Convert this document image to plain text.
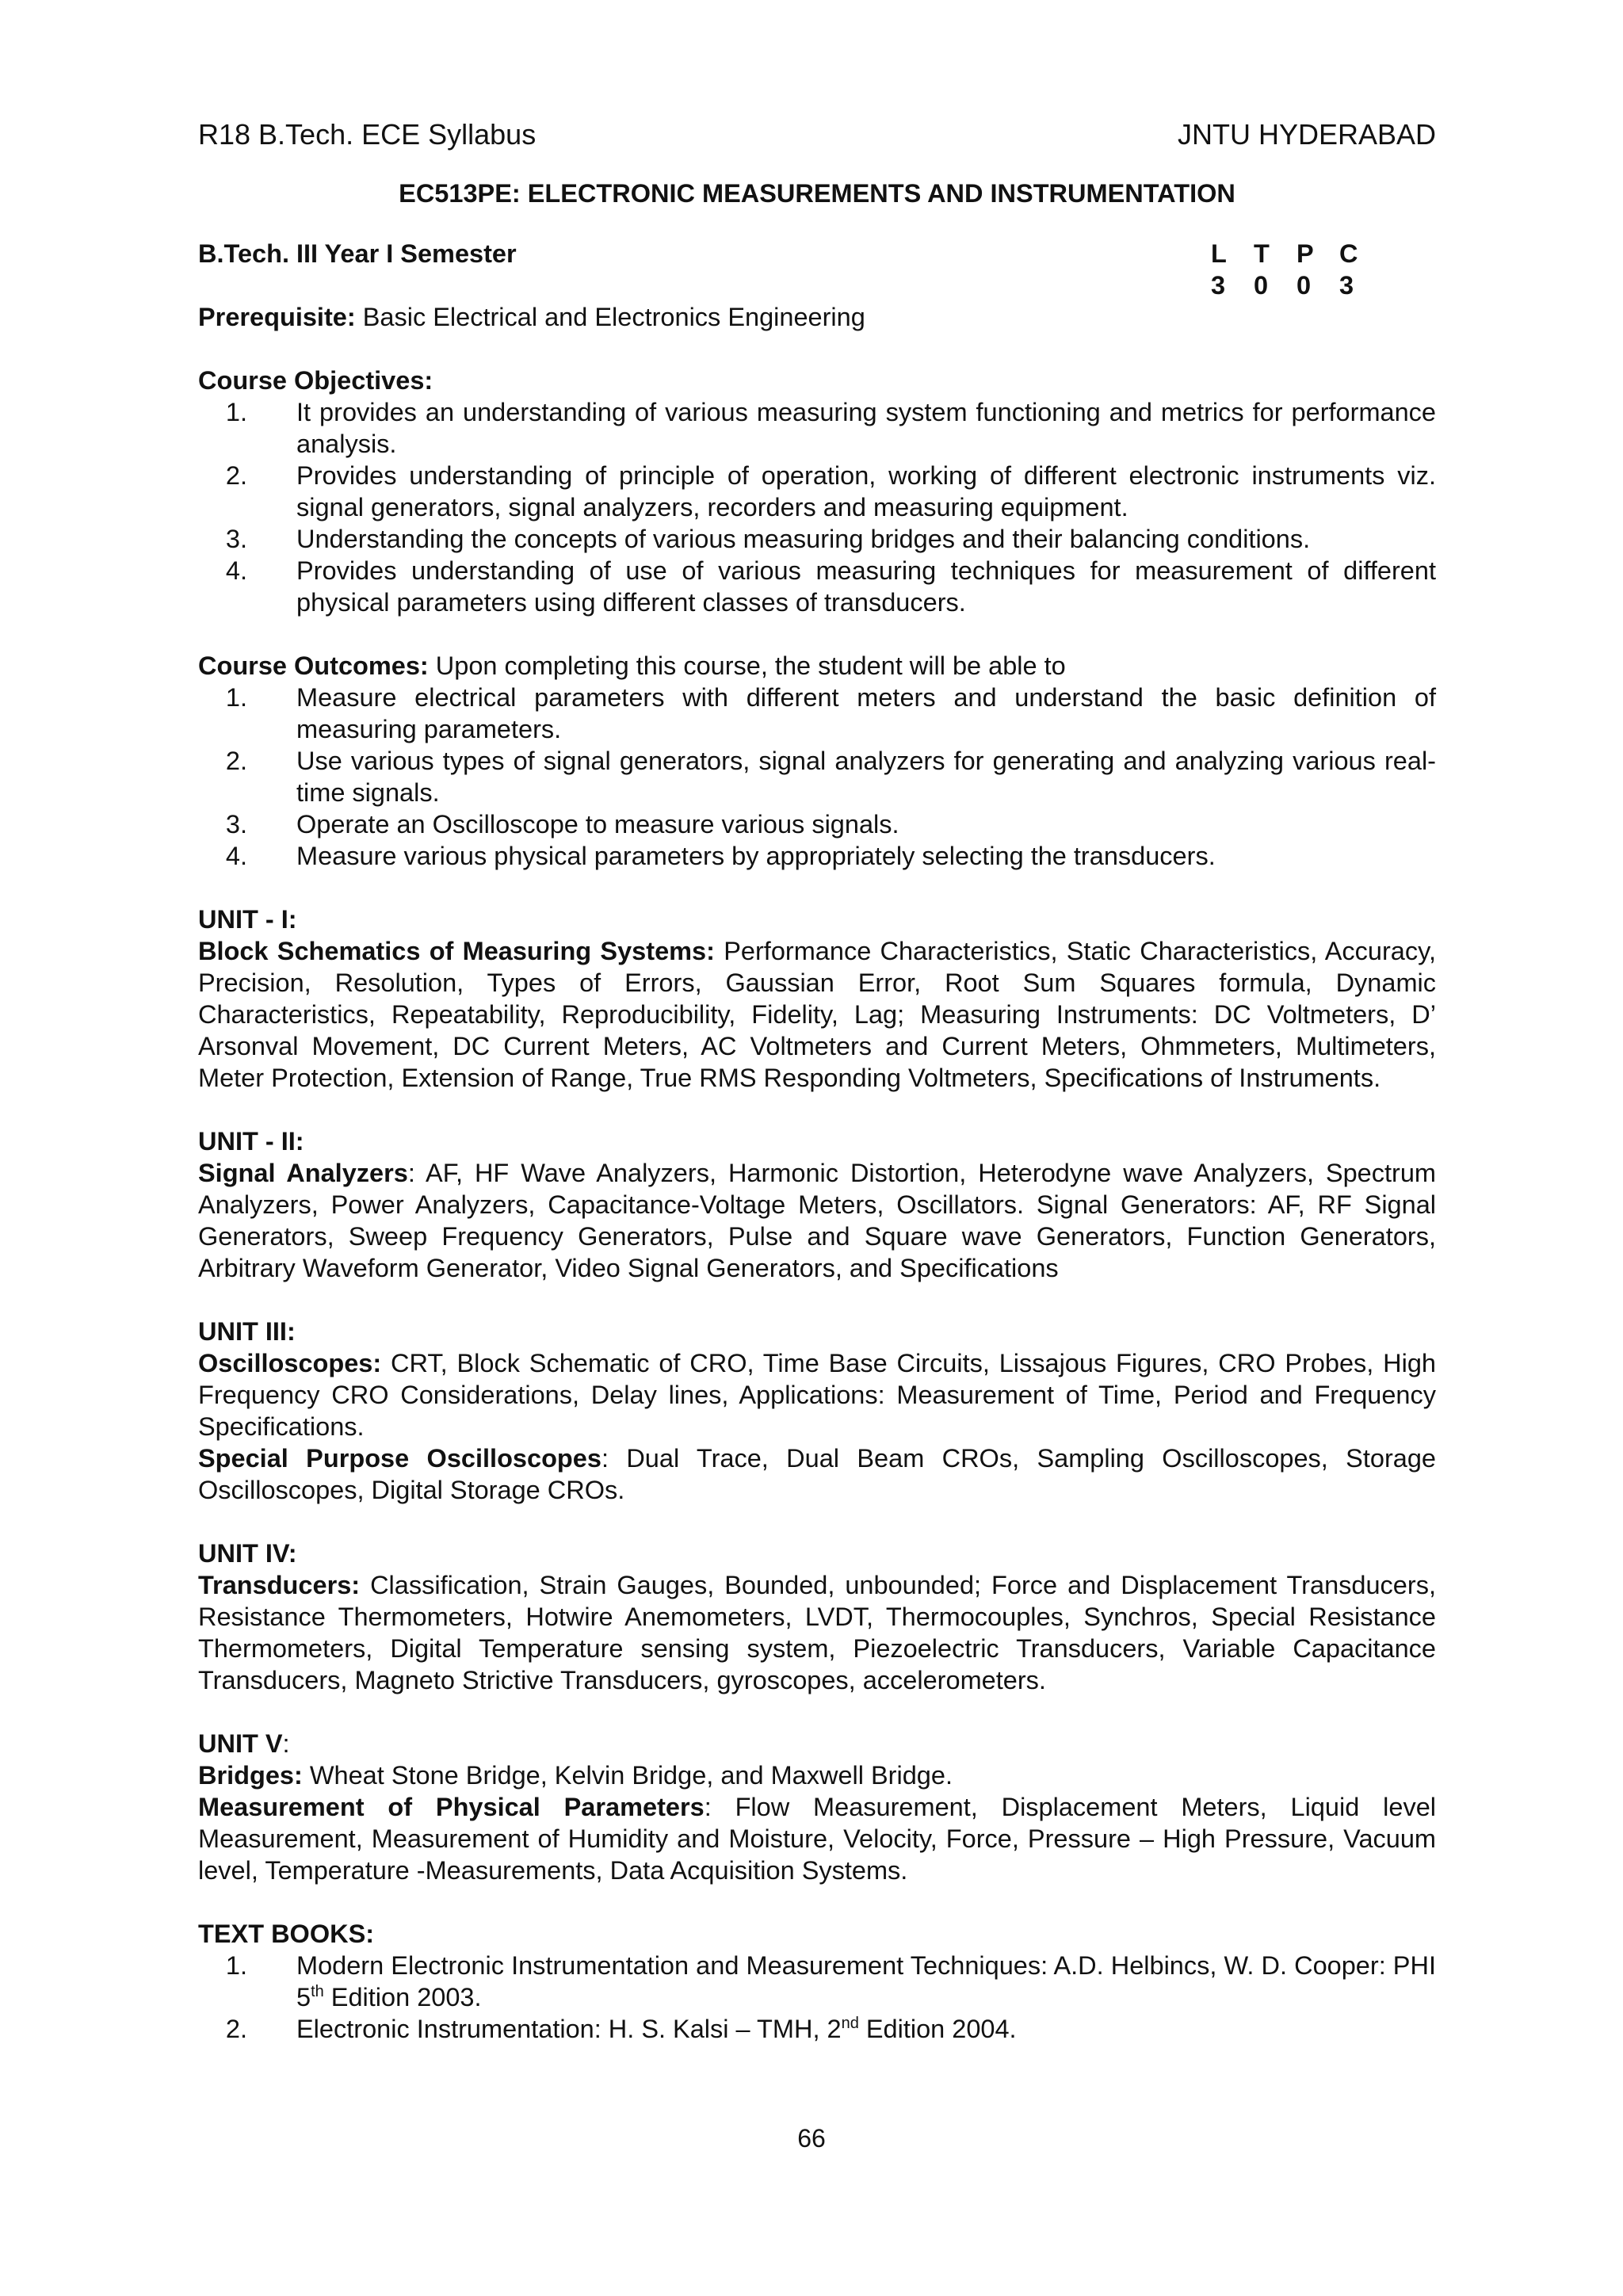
R18 B.Tech. ECE Syllabus	JNTU HYDERABAD
EC513PE: ELECTRONIC MEASUREMENTS AND INSTRUMENTATION
B.Tech. III Year I Semester	L	T	P C
3	0	0	3
Prerequisite: Basic Electrical and Electronics Engineering
Course Objectives:
1. It provides an understanding of various measuring system functioning and metrics for performance analysis.
2. Provides understanding of principle of operation, working of different electronic instruments viz. signal generators, signal analyzers, recorders and measuring equipment.
3. Understanding the concepts of various measuring bridges and their balancing conditions.
4. Provides understanding of use of various measuring techniques for measurement of different physical parameters using different classes of transducers.
Course Outcomes: Upon completing this course, the student will be able to
1. Measure electrical parameters with different meters and understand the basic definition of measuring parameters.
2. Use various types of signal generators, signal analyzers for generating and analyzing various real-time signals.
3. Operate an Oscilloscope to measure various signals.
4. Measure various physical parameters by appropriately selecting the transducers.
UNIT - I:
Block Schematics of Measuring Systems: Performance Characteristics, Static Characteristics, Accuracy, Precision, Resolution, Types of Errors, Gaussian Error, Root Sum Squares formula, Dynamic Characteristics, Repeatability, Reproducibility, Fidelity, Lag; Measuring Instruments: DC Voltmeters, D’ Arsonval Movement, DC Current Meters, AC Voltmeters and Current Meters, Ohmmeters, Multimeters, Meter Protection, Extension of Range, True RMS Responding Voltmeters, Specifications of Instruments.
UNIT - II:
Signal Analyzers: AF, HF Wave Analyzers, Harmonic Distortion, Heterodyne wave Analyzers, Spectrum Analyzers, Power Analyzers, Capacitance-Voltage Meters, Oscillators. Signal Generators: AF, RF Signal Generators, Sweep Frequency Generators, Pulse and Square wave Generators, Function Generators, Arbitrary Waveform Generator, Video Signal Generators, and Specifications
UNIT III:
Oscilloscopes: CRT, Block Schematic of CRO, Time Base Circuits, Lissajous Figures, CRO Probes, High Frequency CRO Considerations, Delay lines, Applications: Measurement of Time, Period and Frequency Specifications.
Special Purpose Oscilloscopes: Dual Trace, Dual Beam CROs, Sampling Oscilloscopes, Storage Oscilloscopes, Digital Storage CROs.
UNIT IV:
Transducers: Classification, Strain Gauges, Bounded, unbounded; Force and Displacement Transducers, Resistance Thermometers, Hotwire Anemometers, LVDT, Thermocouples, Synchros, Special Resistance Thermometers, Digital Temperature sensing system, Piezoelectric Transducers, Variable Capacitance Transducers, Magneto Strictive Transducers, gyroscopes, accelerometers.
UNIT V:
Bridges: Wheat Stone Bridge, Kelvin Bridge, and Maxwell Bridge.
Measurement of Physical Parameters: Flow Measurement, Displacement Meters, Liquid level Measurement, Measurement of Humidity and Moisture, Velocity, Force, Pressure – High Pressure, Vacuum level, Temperature -Measurements, Data Acquisition Systems.
TEXT BOOKS:
1. Modern Electronic Instrumentation and Measurement Techniques: A.D. Helbincs, W. D. Cooper: PHI 5th Edition 2003.
2. Electronic Instrumentation: H. S. Kalsi – TMH, 2nd Edition 2004.
66
